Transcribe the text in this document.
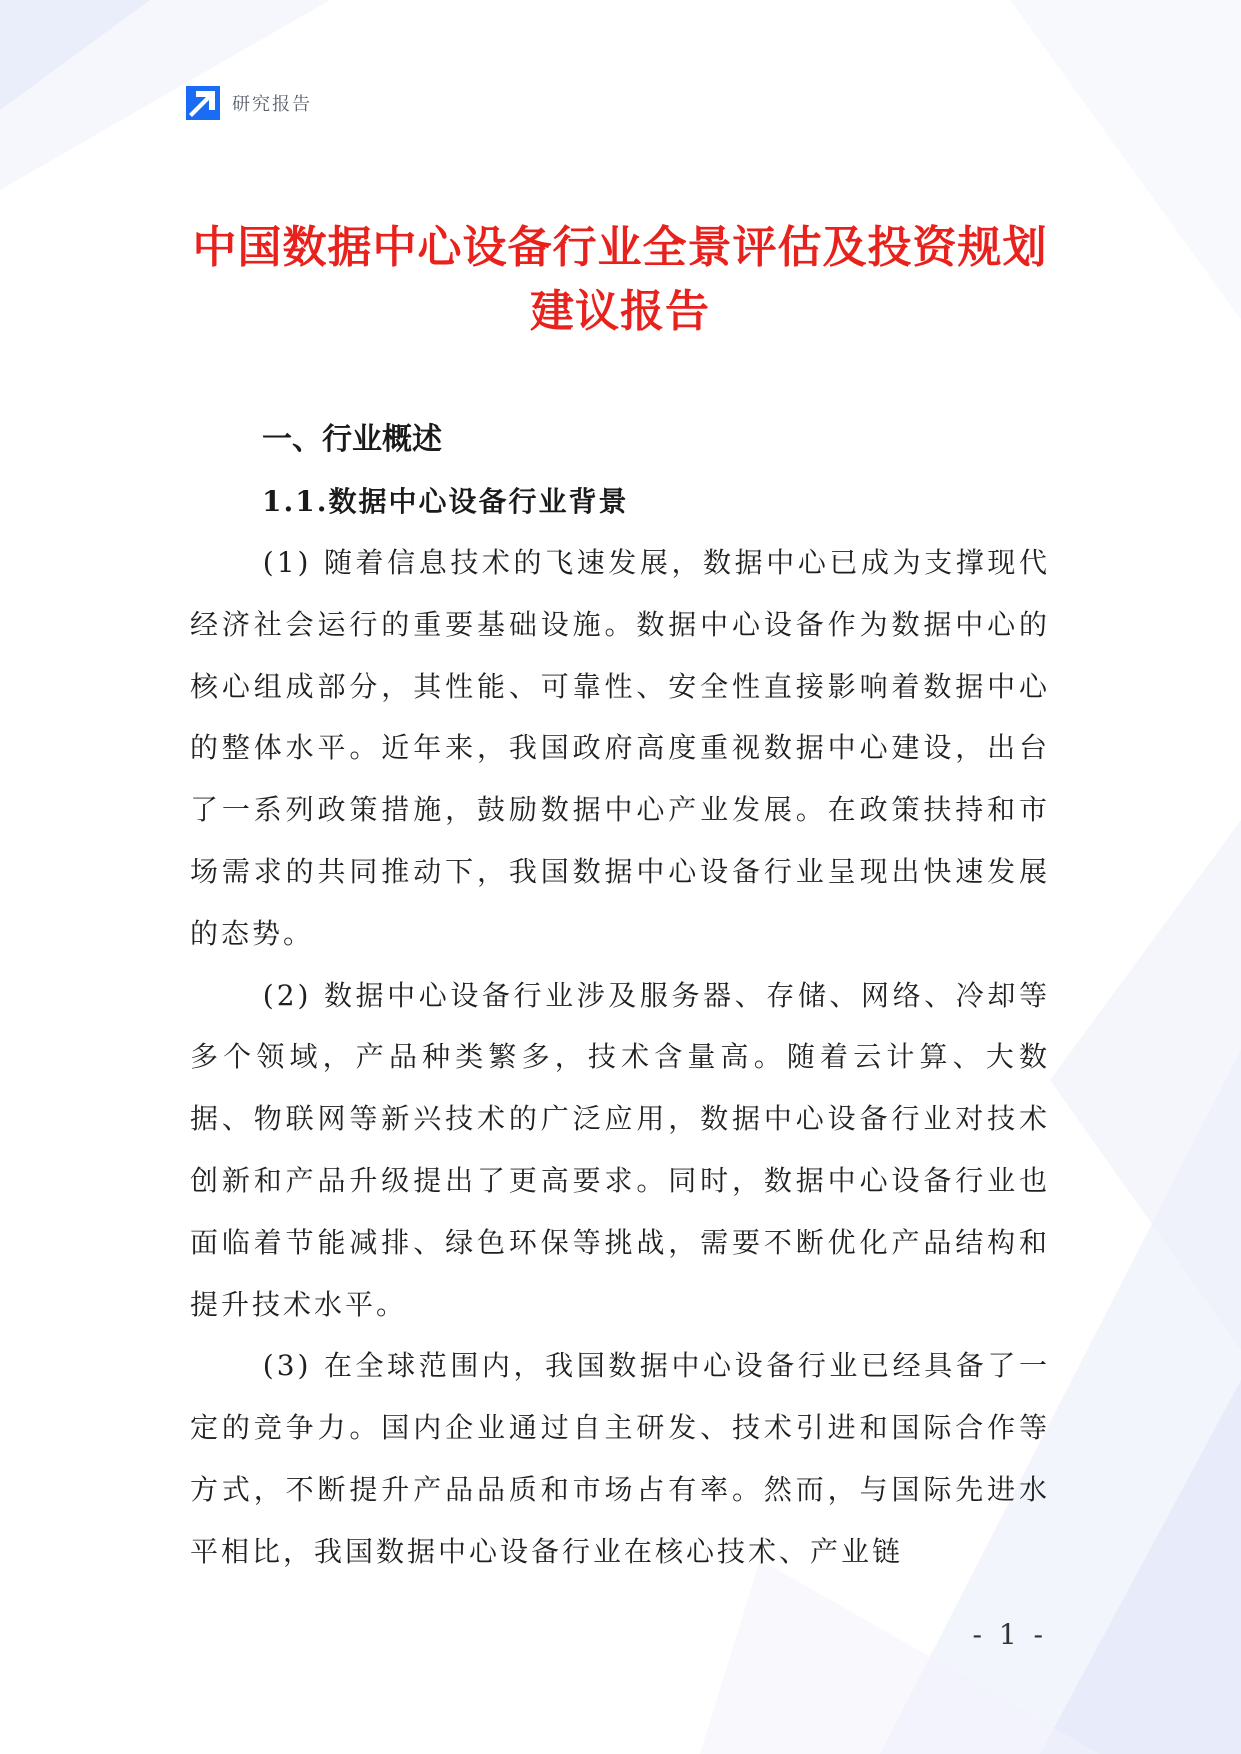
研究报告
中国数据中心设备行业全景评估及投资规划建议报告
一、行业概述
1.1.数据中心设备行业背景

(1) 随着信息技术的飞速发展，数据中心已成为支撑现代经济社会运行的重要基础设施。数据中心设备作为数据中心的核心组成部分，其性能、可靠性、安全性直接影响着数据中心的整体水平。近年来，我国政府高度重视数据中心建设，出台了一系列政策措施，鼓励数据中心产业发展。在政策扶持和市场需求的共同推动下，我国数据中心设备行业呈现出快速发展的态势。

(2) 数据中心设备行业涉及服务器、存储、网络、冷却等多个领域，产品种类繁多，技术含量高。随着云计算、大数据、物联网等新兴技术的广泛应用，数据中心设备行业对技术创新和产品升级提出了更高要求。同时，数据中心设备行业也面临着节能减排、绿色环保等挑战，需要不断优化产品结构和提升技术水平。

(3) 在全球范围内，我国数据中心设备行业已经具备了一定的竞争力。国内企业通过自主研发、技术引进和国际合作等方式，不断提升产品品质和市场占有率。然而，与国际先进水平相比，我国数据中心设备行业在核心技术、产业链

- 1 -
